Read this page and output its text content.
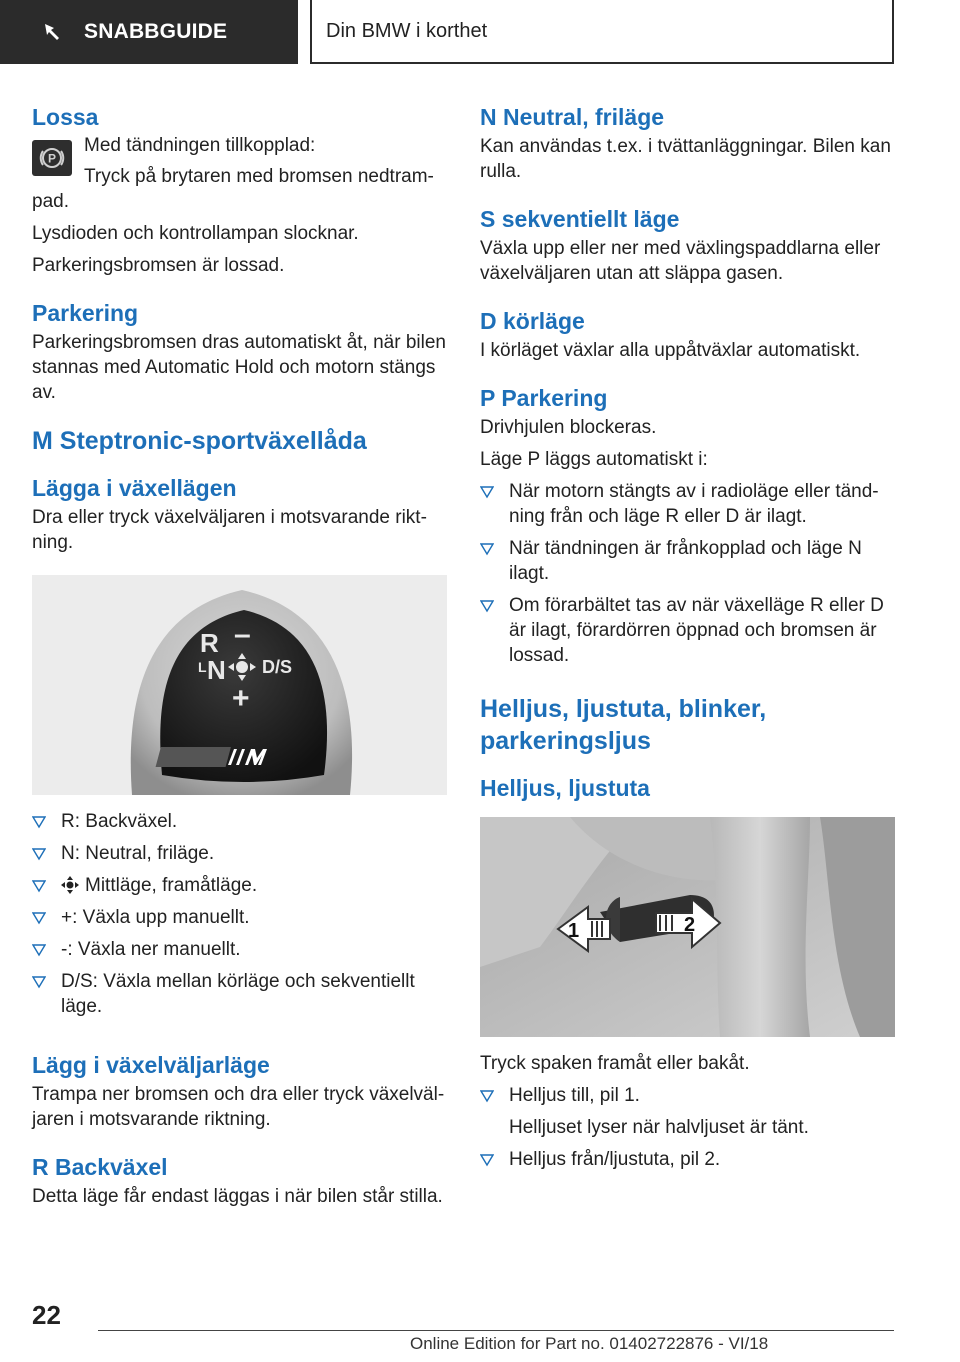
SNABBGUIDE	Din BMW i korthet
Lossa
P

Med tändningen tillkopplad:

Tryck på brytaren med bromsen nedtram‐pad.

Lysdioden och kontrollampan slocknar.

Parkeringsbromsen är lossad.

Parkering

Parkeringsbromsen dras automatiskt åt, när bilen stannas med Automatic Hold och motorn stängs av.

M Steptronic-sportväxellåda
Lägga i växellägen

Dra eller tryck växelväljaren i motsvarande rikt‐ning.

R –
L N D/S
+
R: Backväxel.
N: Neutral, friläge.
Mittläge, framåtläge.
+: Växla upp manuellt.
-: Växla ner manuellt.
D/S: Växla mellan körläge och sekventiellt läge.
Lägg i växelväljarläge

Trampa ner bromsen och dra eller tryck växelväl‐jaren i motsvarande riktning.

R Backväxel

Detta läge får endast läggas i när bilen står stilla.

N Neutral, friläge

Kan användas t.ex. i tvättanläggningar. Bilen kan rulla.

S sekventiellt läge

Växla upp eller ner med växlingspaddlarna eller växelväljaren utan att släppa gasen.

D körläge

I körläget växlar alla uppåtväxlar automatiskt.

P Parkering

Drivhjulen blockeras.

Läge P läggs automatiskt i:

När motorn stängts av i radioläge eller tänd‐ning från och läge R eller D är ilagt.
När tändningen är frånkopplad och läge N ilagt.
Om förarbältet tas av när växelläge R eller D är ilagt, förardörren öppnad och bromsen är lossad.
Helljus, ljustuta, blinker, parkeringsljus
Helljus, ljustuta
1	2

Tryck spaken framåt eller bakåt.

Helljus till, pil 1.
Helljuset lyser när halvljuset är tänt.
Helljus från/ljustuta, pil 2.
22
Online Edition for Part no. 01402722876 - VI/18
